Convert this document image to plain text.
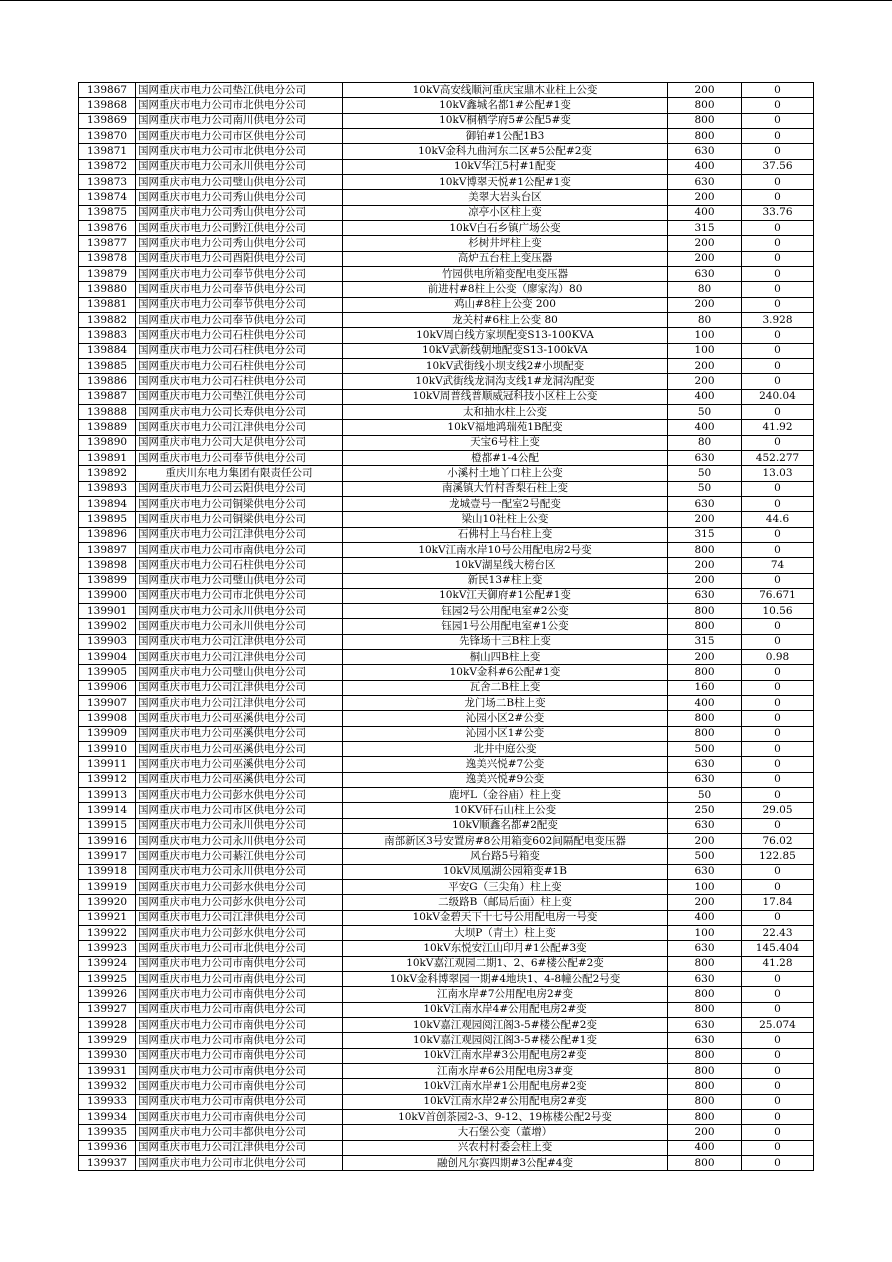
139867	国网重庆市电力公司垫江供电分公司	10kV高安线顺河重庆宝鼎木业柱上公变	200	0
139868	国网重庆市电力公司市北供电分公司	10kV鑫城名都1#公配#1变	800	0
139869	国网重庆市电力公司南川供电分公司	10kV桐栖学府5#公配5#变	800	0
139870	国网重庆市电力公司市区供电分公司	御铂#1公配1B3	800	0
139871	国网重庆市电力公司市北供电分公司	10kV金科九曲河东二区#5公配#2变	630	0
139872	国网重庆市电力公司永川供电分公司	10kV华江5村#1配变	400	37.56
139873	国网重庆市电力公司璧山供电分公司	10kV博翠天悦#1公配#1变	630	0
139874	国网重庆市电力公司秀山供电分公司	美翠大岩头台区	200	0
139875	国网重庆市电力公司秀山供电分公司	凉亭小区柱上变	400	33.76
139876	国网重庆市电力公司黔江供电分公司	10kV白石乡镇广场公变	315	0
139877	国网重庆市电力公司秀山供电分公司	杉树井坪柱上变	200	0
139878	国网重庆市电力公司酉阳供电分公司	高炉五台柱上变压器	200	0
139879	国网重庆市电力公司奉节供电分公司	竹园供电所箱变配电变压器	630	0
139880	国网重庆市电力公司奉节供电分公司	前进村#8柱上公变（廖家沟）80	80	0
139881	国网重庆市电力公司奉节供电分公司	鸡山#8柱上公变 200	200	0
139882	国网重庆市电力公司奉节供电分公司	龙关村#6柱上公变 80	80	3.928
139883	国网重庆市电力公司石柱供电分公司	10kV周白线方家坝配变S13-100KVA	100	0
139884	国网重庆市电力公司石柱供电分公司	10kV武新线朝地配变S13-100kVA	100	0
139885	国网重庆市电力公司石柱供电分公司	10kV武街线小坝支线2#小坝配变	200	0
139886	国网重庆市电力公司石柱供电分公司	10kV武街线龙洞沟支线1#龙洞沟配变	200	0
139887	国网重庆市电力公司垫江供电分公司	10kV周普线普顺威冠科技小区柱上公变	400	240.04
139888	国网重庆市电力公司长寿供电分公司	太和抽水柱上公变	50	0
139889	国网重庆市电力公司江津供电分公司	10kV福地鸿瑞苑1B配变	400	41.92
139890	国网重庆市电力公司大足供电分公司	天宝6号柱上变	80	0
139891	国网重庆市电力公司奉节供电分公司	橙都#1-4公配	630	452.277
139892	重庆川东电力集团有限责任公司	小溪村土地丫口柱上公变	50	13.03
139893	国网重庆市电力公司云阳供电分公司	南溪镇大竹村香梨石柱上变	50	0
139894	国网重庆市电力公司铜梁供电分公司	龙城壹号一配室2号配变	630	0
139895	国网重庆市电力公司铜梁供电分公司	梁山10社柱上公变	200	44.6
139896	国网重庆市电力公司江津供电分公司	石佛村上马台柱上变	315	0
139897	国网重庆市电力公司市南供电分公司	10kV江南水岸10号公用配电房2号变	800	0
139898	国网重庆市电力公司石柱供电分公司	10kV湖星线大榜台区	200	74
139899	国网重庆市电力公司璧山供电分公司	新民13#柱上变	200	0
139900	国网重庆市电力公司市北供电分公司	10kV江天御府#1公配#1变	630	76.671
139901	国网重庆市电力公司永川供电分公司	钰园2号公用配电室#2公变	800	10.56
139902	国网重庆市电力公司永川供电分公司	钰园1号公用配电室#1公变	800	0
139903	国网重庆市电力公司江津供电分公司	先锋场十三B柱上变	315	0
139904	国网重庆市电力公司江津供电分公司	桐山四B柱上变	200	0.98
139905	国网重庆市电力公司璧山供电分公司	10kV金科#6公配#1变	800	0
139906	国网重庆市电力公司江津供电分公司	瓦舍二B柱上变	160	0
139907	国网重庆市电力公司江津供电分公司	龙门场二B柱上变	400	0
139908	国网重庆市电力公司巫溪供电分公司	沁园小区2#公变	800	0
139909	国网重庆市电力公司巫溪供电分公司	沁园小区1#公变	800	0
139910	国网重庆市电力公司巫溪供电分公司	北井中庭公变	500	0
139911	国网重庆市电力公司巫溪供电分公司	逸美兴悦#7公变	630	0
139912	国网重庆市电力公司巫溪供电分公司	逸美兴悦#9公变	630	0
139913	国网重庆市电力公司彭水供电分公司	鹿坪L（金谷庙）柱上变	50	0
139914	国网重庆市电力公司市区供电分公司	10KV矸石山柱上公变	250	29.05
139915	国网重庆市电力公司永川供电分公司	10kV顺鑫名都#2配变	630	0
139916	国网重庆市电力公司永川供电分公司	南部新区3号安置房#8公用箱变602间隔配电变压器	200	76.02
139917	国网重庆市电力公司綦江供电分公司	风台路5号箱变	500	122.85
139918	国网重庆市电力公司永川供电分公司	10kV凤凰湖公园箱变#1B	630	0
139919	国网重庆市电力公司彭水供电分公司	平安G（三尖角）柱上变	100	0
139920	国网重庆市电力公司彭水供电分公司	二级路B（邮局后面）柱上变	200	17.84
139921	国网重庆市电力公司江津供电分公司	10kV金碧天下十七号公用配电房一号变	400	0
139922	国网重庆市电力公司彭水供电分公司	大坝P（青土）柱上变	100	22.43
139923	国网重庆市电力公司市北供电分公司	10kV东悦安江山印月#1公配#3变	630	145.404
139924	国网重庆市电力公司市南供电分公司	10kV嘉江观园二期1、2、6#楼公配#2变	800	41.28
139925	国网重庆市电力公司市南供电分公司	10kV金科博翠园一期#4地块1、4-8幢公配2号变	630	0
139926	国网重庆市电力公司市南供电分公司	江南水岸#7公用配电房2#变	800	0
139927	国网重庆市电力公司市南供电分公司	10kV江南水岸4#公用配电房2#变	800	0
139928	国网重庆市电力公司市南供电分公司	10kV嘉江观园阅江阁3-5#楼公配#2变	630	25.074
139929	国网重庆市电力公司市南供电分公司	10kV嘉江观园阅江阁3-5#楼公配#1变	630	0
139930	国网重庆市电力公司市南供电分公司	10kV江南水岸#3公用配电房2#变	800	0
139931	国网重庆市电力公司市南供电分公司	江南水岸#6公用配电房3#变	800	0
139932	国网重庆市电力公司市南供电分公司	10kV江南水岸#1公用配电房#2变	800	0
139933	国网重庆市电力公司市南供电分公司	10kV江南水岸2#公用配电房2#变	800	0
139934	国网重庆市电力公司市南供电分公司	10kV首创茶园2-3、9-12、19栋楼公配2号变	800	0
139935	国网重庆市电力公司丰都供电分公司	大石堡公变（董增）	200	0
139936	国网重庆市电力公司江津供电分公司	兴农村村委会柱上变	400	0
139937	国网重庆市电力公司市北供电分公司	融创凡尔赛四期#3公配#4变	800	0
